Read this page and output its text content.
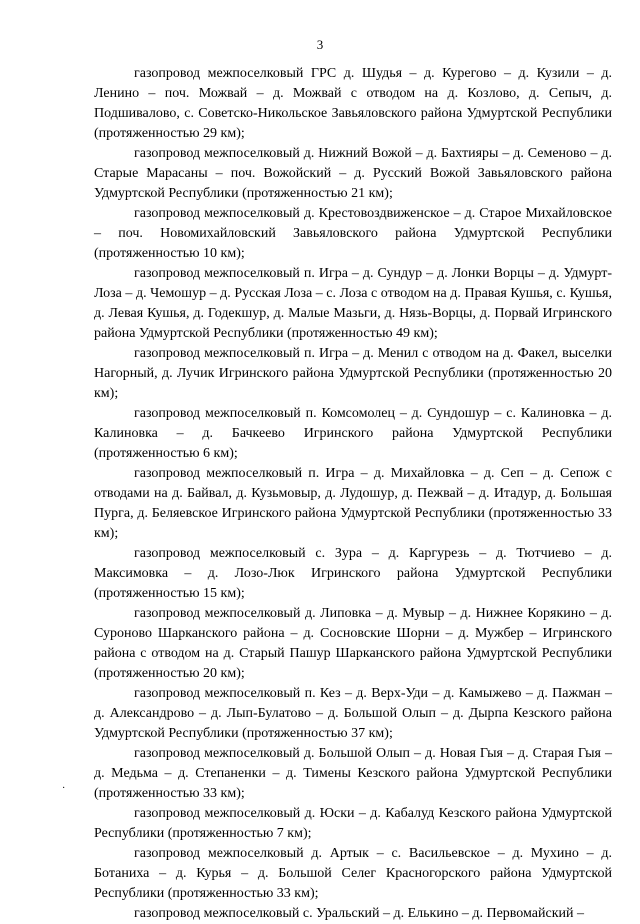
3

газопровод межпоселковый ГРС д. Шудья – д. Курегово – д. Кузили – д. Ленино – поч. Можвай – д. Можвай с отводом на д. Козлово, д. Сепыч, д. Подшивалово, с. Советско-Никольское Завьяловского района Удмуртской Республики (протяженностью 29 км);

газопровод межпоселковый д. Нижний Вожой – д. Бахтияры – д. Семеново – д. Старые Марасаны – поч. Вожойский – д. Русский Вожой Завьяловского района Удмуртской Республики (протяженностью 21 км);

газопровод межпоселковый д. Крестовоздвиженское – д. Старое Михайловское – поч. Новомихайловский Завьяловского района Удмуртской Республики (протяженностью 10 км);

газопровод межпоселковый п. Игра – д. Сундур – д. Лонки Ворцы – д. Удмурт-Лоза – д. Чемошур – д. Русская Лоза – с. Лоза с отводом на д. Правая Кушья, с. Кушья, д. Левая Кушья, д. Годекшур, д. Малые Мазьги, д. Нязь-Ворцы, д. Порвай Игринского района Удмуртской Республики (протяженностью 49 км);

газопровод межпоселковый п. Игра – д. Менил с отводом на д. Факел, выселки Нагорный, д. Лучик Игринского района Удмуртской Республики (протяженностью 20 км);

газопровод межпоселковый п. Комсомолец – д. Сундошур – с. Калиновка – д. Калиновка – д. Бачкеево Игринского района Удмуртской Республики (протяженностью 6 км);

газопровод межпоселковый п. Игра – д. Михайловка – д. Сеп – д. Сепож с отводами на д. Байвал, д. Кузьмовыр, д. Лудошур, д. Пежвай – д. Итадур, д. Большая Пурга, д. Беляевское Игринского района Удмуртской Республики (протяженностью 33 км);

газопровод межпоселковый с. Зура – д. Каргурезь – д. Тютчиево – д. Максимовка – д. Лозо-Люк Игринского района Удмуртской Республики (протяженностью 15 км);

газопровод межпоселковый д. Липовка – д. Мувыр – д. Нижнее Корякино – д. Суроново Шарканского района – д. Сосновские Шорни – д. Мужбер – Игринского района с отводом на д. Старый Пашур Шарканского района Удмуртской Республики (протяженностью 20 км);

газопровод межпоселковый п. Кез – д. Верх-Уди – д. Камыжево – д. Пажман – д. Александрово – д. Лып-Булатово – д. Большой Олып – д. Дырпа Кезского района Удмуртской Республики (протяженностью 37 км);

газопровод межпоселковый д. Большой Олып – д. Новая Гыя – д. Старая Гыя – д. Медьма – д. Степаненки – д. Тимены Кезского района Удмуртской Республики (протяженностью 33 км);

газопровод межпоселковый д. Юски – д. Кабалуд Кезского района Удмуртской Республики (протяженностью 7 км);

газопровод межпоселковый д. Артык – с. Васильевское – д. Мухино – д. Ботаниха – д. Курья – д. Большой Селег Красногорского района Удмуртской Республики (протяженностью 33 км);

газопровод межпоселковый с. Уральский – д. Елькино – д. Первомайский –

·
